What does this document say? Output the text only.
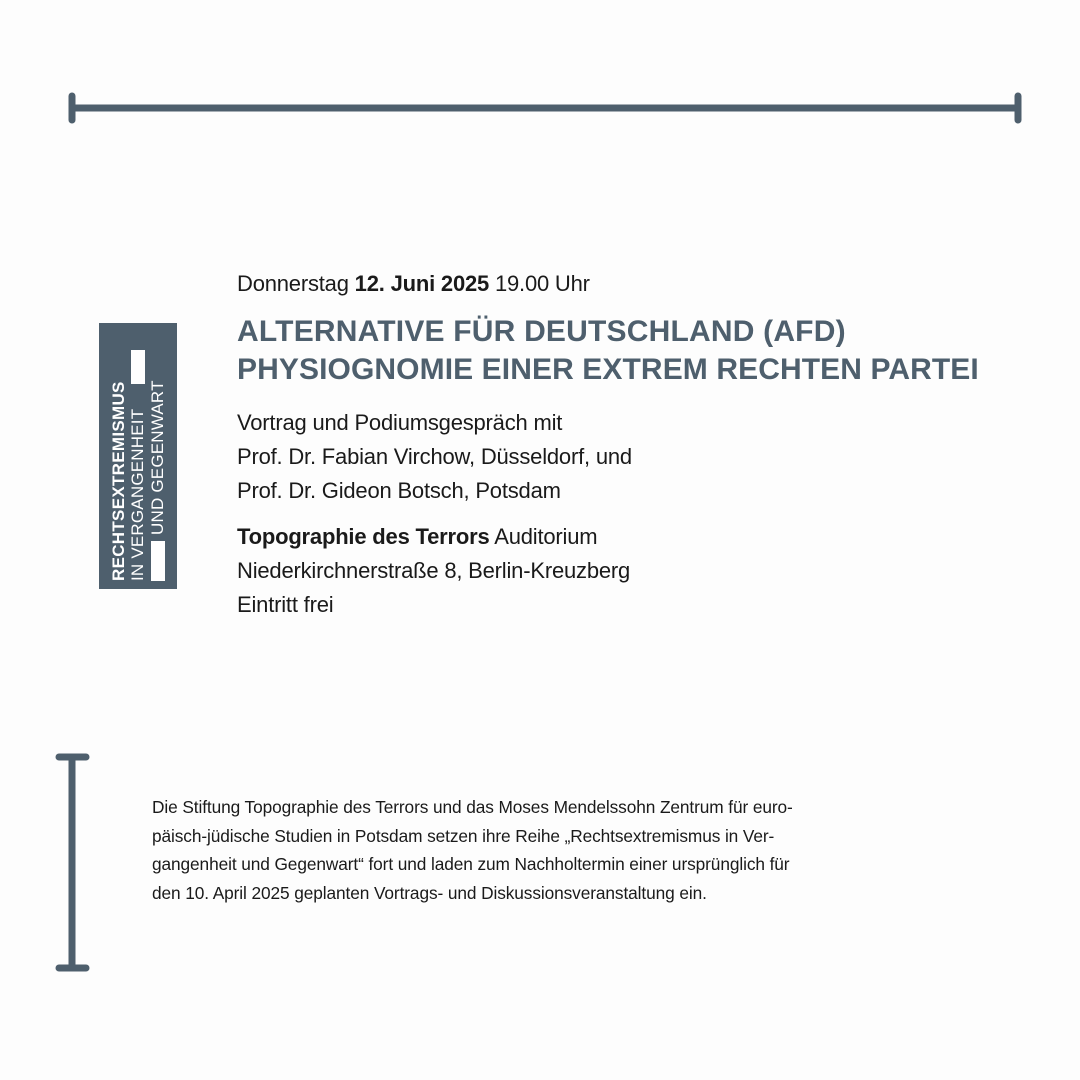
RECHTSEXTREMISMUS IN VERGANGENHEIT UND GEGENWART

Donnerstag 12. Juni 2025 19.00 Uhr

ALTERNATIVE FÜR DEUTSCHLAND (AFD)
PHYSIOGNOMIE EINER EXTREM RECHTEN PARTEI
Vortrag und Podiumsgespräch mit
Prof. Dr. Fabian Virchow, Düsseldorf, und
Prof. Dr. Gideon Botsch, Potsdam
Topographie des Terrors Auditorium
Niederkirchnerstraße 8, Berlin-Kreuzberg
Eintritt frei
Die Stiftung Topographie des Terrors und das Moses Mendelssohn Zentrum für euro-
päisch-jüdische Studien in Potsdam setzen ihre Reihe „Rechtsextremismus in Ver-
gangenheit und Gegenwart“ fort und laden zum Nachholtermin einer ursprünglich für
den 10. April 2025 geplanten Vortrags- und Diskussionsveranstaltung ein.
